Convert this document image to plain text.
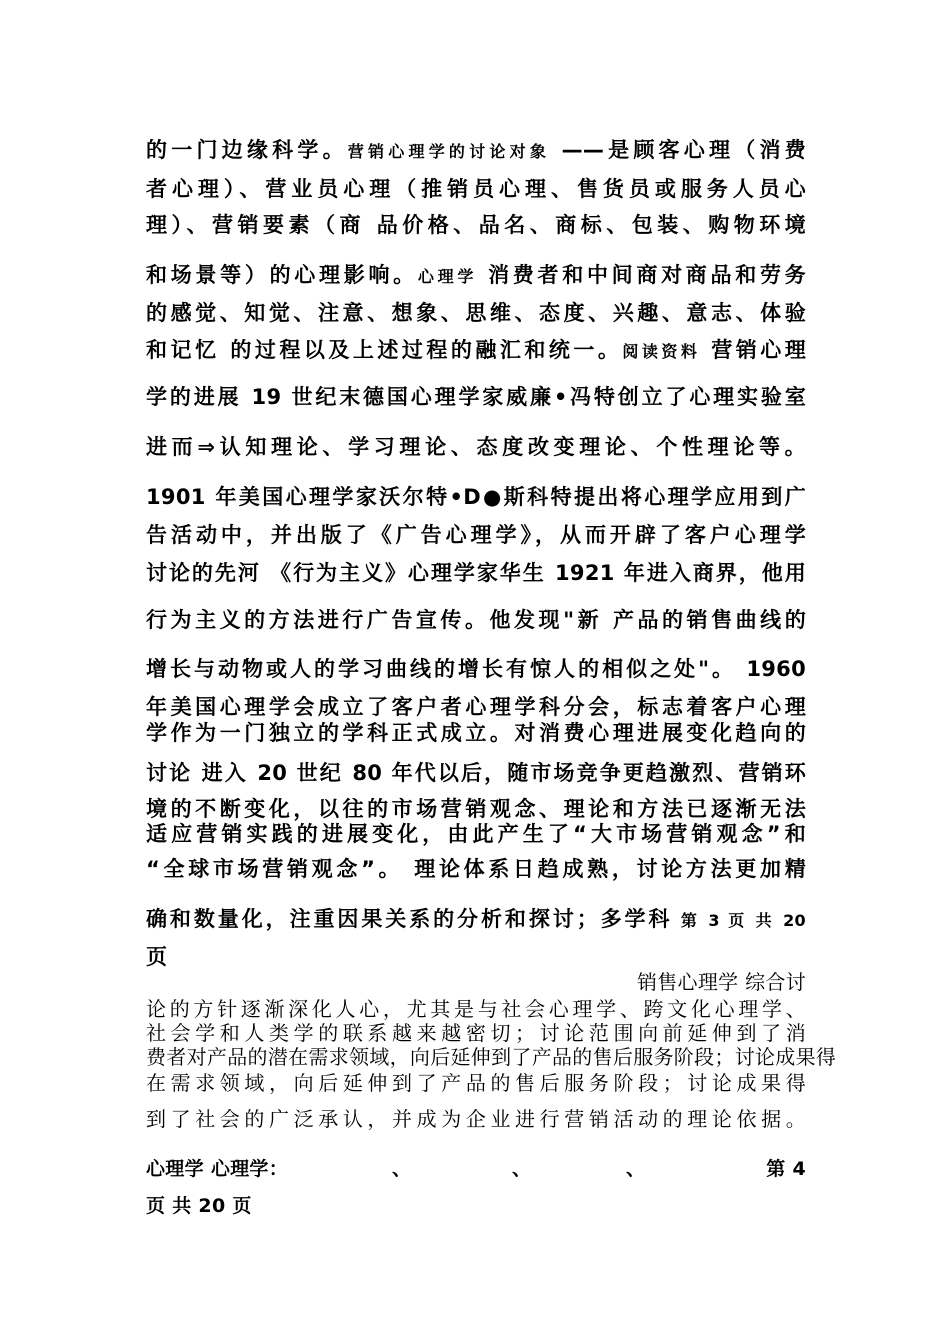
的一门边缘科学。营销心理学的讨论对象 ——是顾客心理（消费
者心理）、营业员心理（推销员心理、售货员或服务人员心
理）、营销要素（商 品价格、品名、商标、包装、购物环境
和场景等）的心理影响。心理学 消费者和中间商对商品和劳务
的感觉、知觉、注意、想象、思维、态度、兴趣、意志、体验
和记忆 的过程以及上述过程的融汇和统一。阅读资料 营销心理
学的进展 19 世纪末德国心理学家威廉•冯特创立了心理实验室
进而⇒认知理论、学习理论、态度改变理论、个性理论等。
1901 年美国心理学家沃尔特•D●斯科特提出将心理学应用到广
告活动中，并出版了《广告心理学》，从而开辟了客户心理学
讨论的先河 《行为主义》心理学家华生 1921 年进入商界，他用
行为主义的方法进行广告宣传。他发现"新 产品的销售曲线的
增长与动物或人的学习曲线的增长有惊人的相似之处"。 1960
年美国心理学会成立了客户者心理学科分会，标志着客户心理
学作为一门独立的学科正式成立。对消费心理进展变化趋向的
讨论 进入 20 世纪 80 年代以后，随市场竞争更趋激烈、营销环
境的不断变化，以往的市场营销观念、理论和方法已逐渐无法
适应营销实践的进展变化，由此产生了“大市场营销观念”和
“全球市场营销观念”。 理论体系日趋成熟，讨论方法更加精
确和数量化，注重因果关系的分析和探讨；多学科 第 3 页 共 20
页
销售心理学 综合讨
论的方针逐渐深化人心，尤其是与社会心理学、跨文化心理学、
社会学和人类学的联系越来越密切；讨论范围向前延伸到了消
费者对产品的潜在需求领域，向后延伸到了产品的售后服务阶段；讨论成果得
在需求领域，向后延伸到了产品的售后服务阶段；讨论成果得
到了社会的广泛承认，并成为企业进行营销活动的理论依据。
心理学 心理学：	、	、	、	第 4
页 共 20 页
